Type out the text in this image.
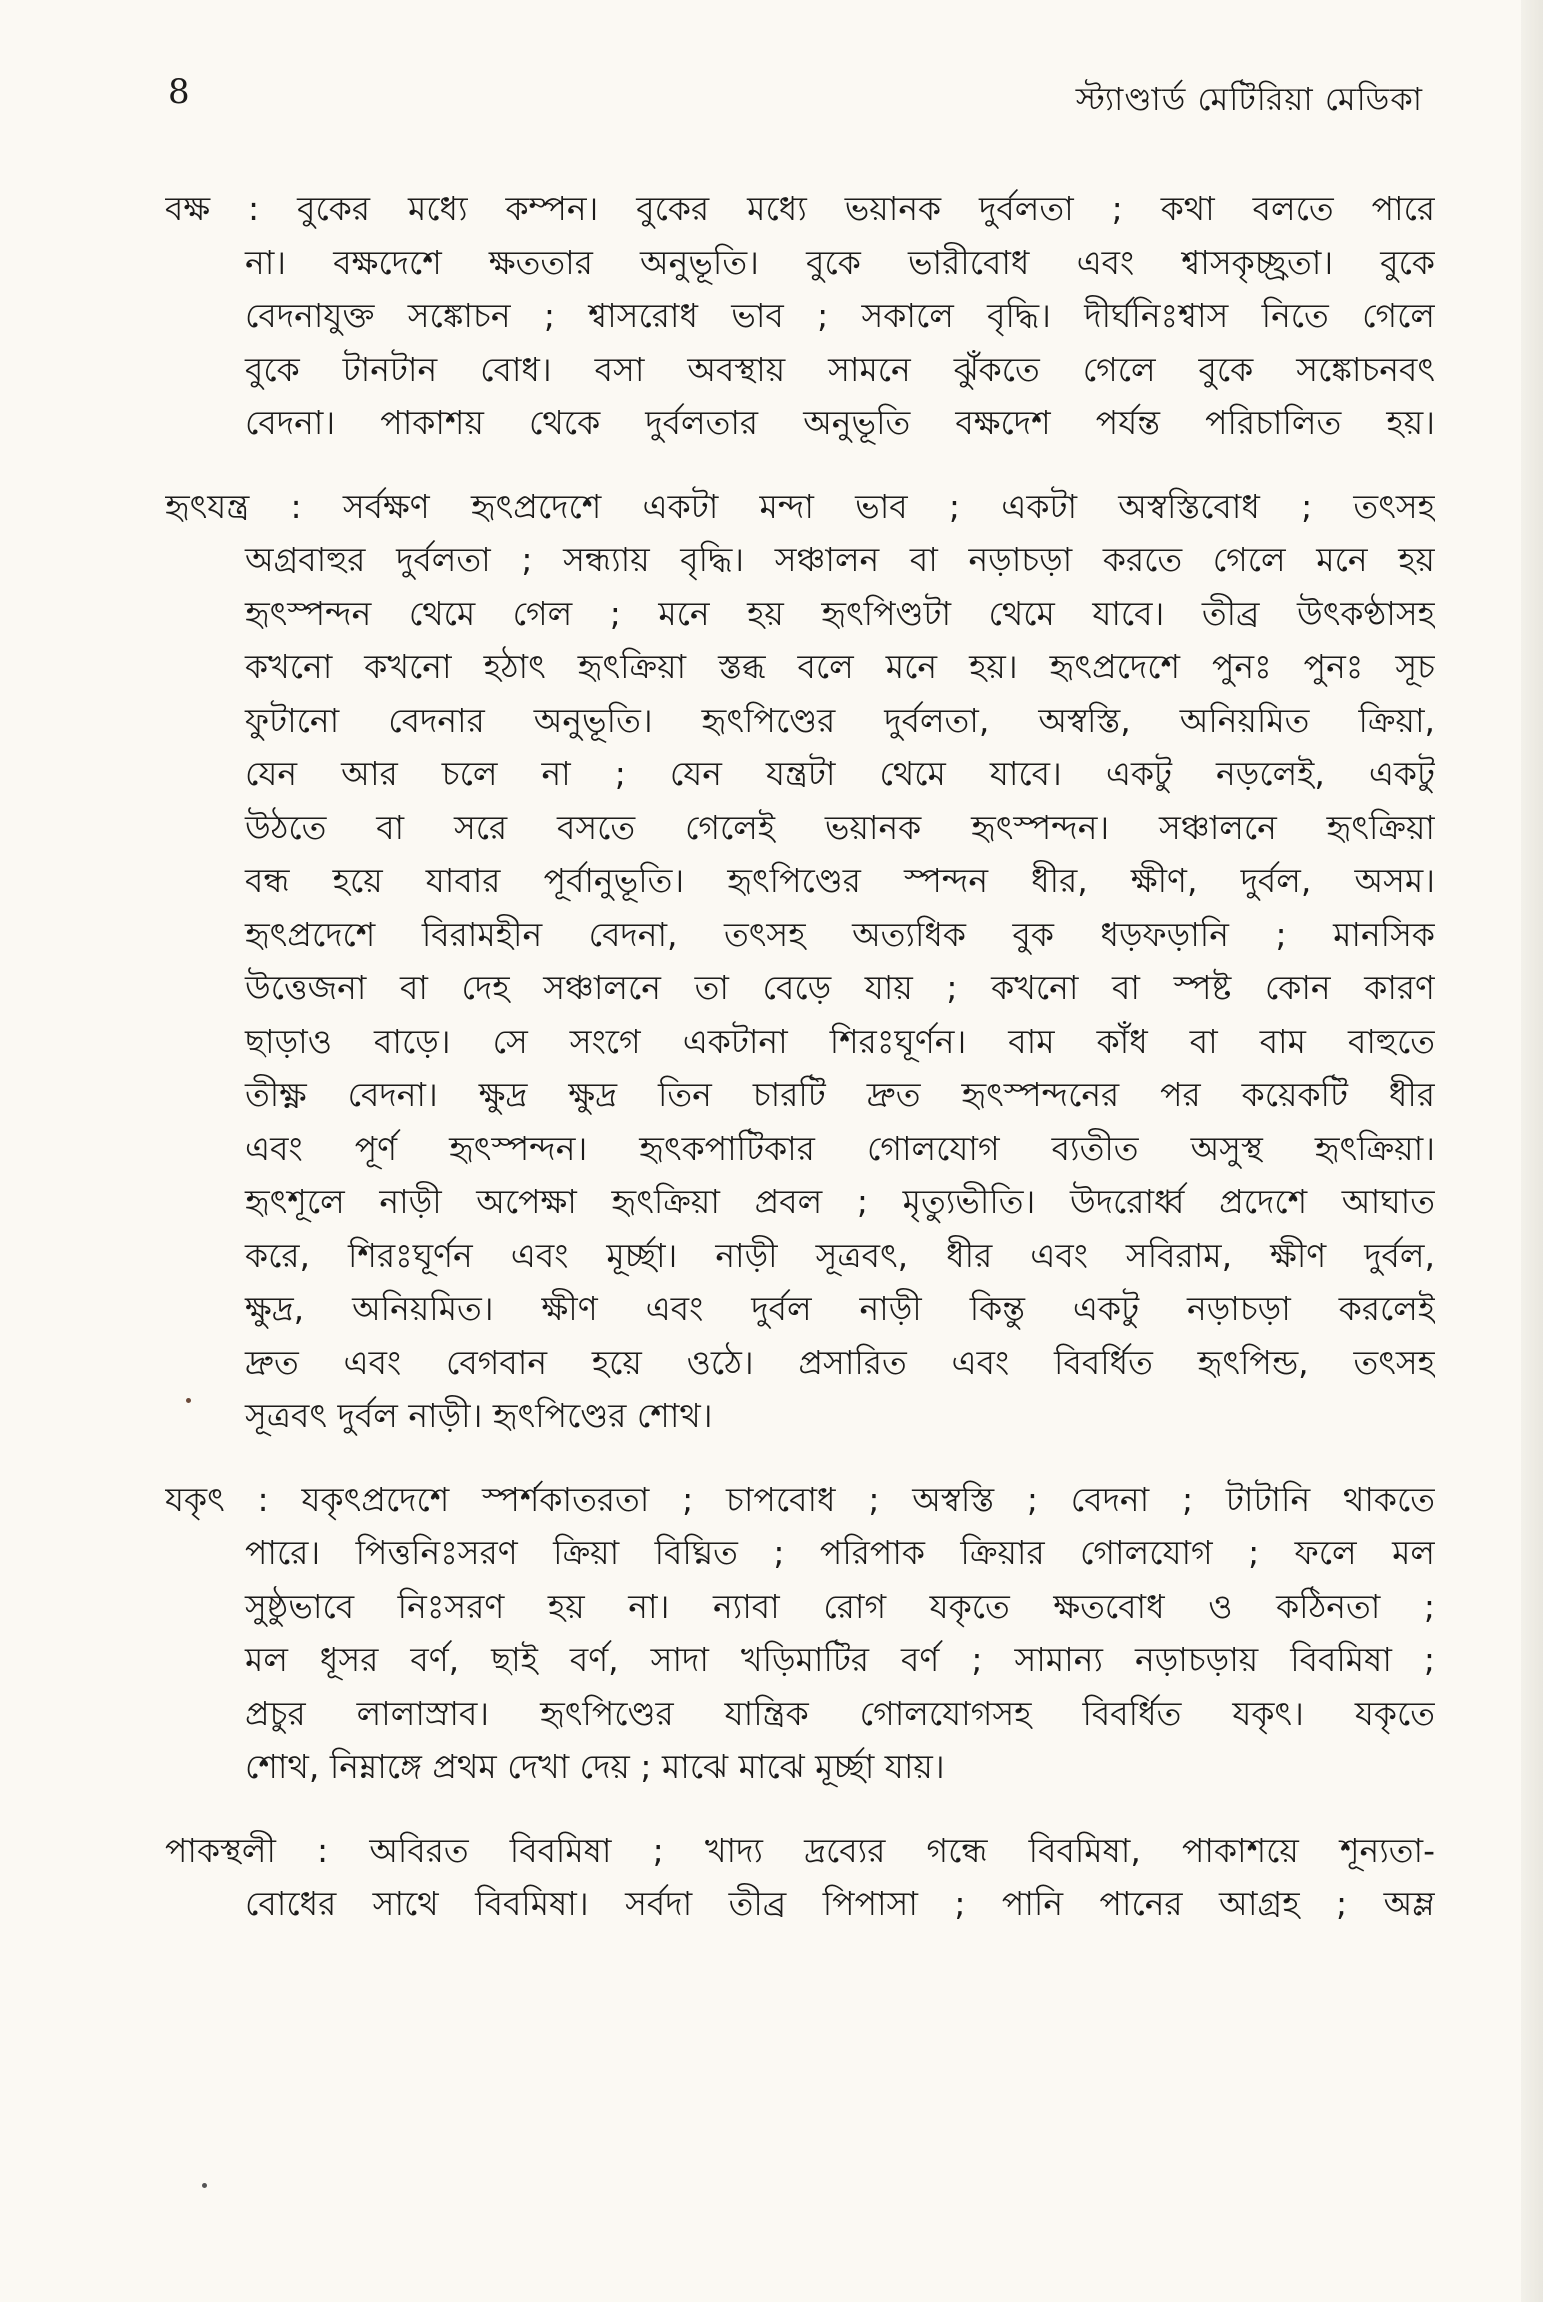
8	স্ট্যাণ্ডার্ড মেটিরিয়া মেডিকা
বক্ষ : বুকের মধ্যে কম্পন। বুকের মধ্যে ভয়ানক দুর্বলতা ; কথা বলতে পারে
না। বক্ষদেশে ক্ষততার অনুভূতি। বুকে ভারীবোধ এবং শ্বাসকৃচ্ছ্রতা। বুকে
বেদনাযুক্ত সঙ্কোচন ; শ্বাসরোধ ভাব ; সকালে বৃদ্ধি। দীর্ঘনিঃশ্বাস নিতে গেলে
বুকে টানটান বোধ। বসা অবস্থায় সামনে ঝুঁকতে গেলে বুকে সঙ্কোচনবৎ
বেদনা। পাকাশয় থেকে দুর্বলতার অনুভূতি বক্ষদেশ পর্যন্ত পরিচালিত হয়।
হৃৎযন্ত্র : সর্বক্ষণ হৃৎপ্রদেশে একটা মন্দা ভাব ; একটা অস্বস্তিবোধ ; তৎসহ
অগ্রবাহুর দুর্বলতা ; সন্ধ্যায় বৃদ্ধি। সঞ্চালন বা নড়াচড়া করতে গেলে মনে হয়
হৃৎস্পন্দন থেমে গেল ; মনে হয় হৃৎপিণ্ডটা থেমে যাবে। তীব্র উৎকণ্ঠাসহ
কখনো কখনো হঠাৎ হৃৎক্রিয়া স্তব্ধ বলে মনে হয়। হৃৎপ্রদেশে পুনঃ পুনঃ সূচ
ফুটানো বেদনার অনুভূতি। হৃৎপিণ্ডের দুর্বলতা, অস্বস্তি, অনিয়মিত ক্রিয়া,
যেন আর চলে না ; যেন যন্ত্রটা থেমে যাবে। একটু নড়লেই, একটু
উঠতে বা সরে বসতে গেলেই ভয়ানক হৃৎস্পন্দন। সঞ্চালনে হৃৎক্রিয়া
বন্ধ হয়ে যাবার পূর্বানুভূতি। হৃৎপিণ্ডের স্পন্দন ধীর, ক্ষীণ, দুর্বল, অসম।
হৃৎপ্রদেশে বিরামহীন বেদনা, তৎসহ অত্যধিক বুক ধড়ফড়ানি ; মানসিক
উত্তেজনা বা দেহ সঞ্চালনে তা বেড়ে যায় ; কখনো বা স্পষ্ট কোন কারণ
ছাড়াও বাড়ে। সে সংগে একটানা শিরঃঘূর্ণন। বাম কাঁধ বা বাম বাহুতে
তীক্ষ্ণ বেদনা। ক্ষুদ্র ক্ষুদ্র তিন চারটি দ্রুত হৃৎস্পন্দনের পর কয়েকটি ধীর
এবং পূর্ণ হৃৎস্পন্দন। হৃৎকপাটিকার গোলযোগ ব্যতীত অসুস্থ হৃৎক্রিয়া।
হৃৎশূলে নাড়ী অপেক্ষা হৃৎক্রিয়া প্রবল ; মৃত্যুভীতি। উদরোর্ধ্ব প্রদেশে আঘাত
করে, শিরঃঘূর্ণন এবং মূর্চ্ছা। নাড়ী সূত্রবৎ, ধীর এবং সবিরাম, ক্ষীণ দুর্বল,
ক্ষুদ্র, অনিয়মিত। ক্ষীণ এবং দুর্বল নাড়ী কিন্তু একটু নড়াচড়া করলেই
দ্রুত এবং বেগবান হয়ে ওঠে। প্রসারিত এবং বিবর্ধিত হৃৎপিন্ড, তৎসহ
সূত্রবৎ দুর্বল নাড়ী। হৃৎপিণ্ডের শোথ।
যকৃৎ : যকৃৎপ্রদেশে স্পর্শকাতরতা ; চাপবোধ ; অস্বস্তি ; বেদনা ; টাটানি থাকতে
পারে। পিত্তনিঃসরণ ক্রিয়া বিঘ্নিত ; পরিপাক ক্রিয়ার গোলযোগ ; ফলে মল
সুষ্ঠুভাবে নিঃসরণ হয় না। ন্যাবা রোগ যকৃতে ক্ষতবোধ ও কঠিনতা ;
মল ধূসর বর্ণ, ছাই বর্ণ, সাদা খড়িমাটির বর্ণ ; সামান্য নড়াচড়ায় বিবমিষা ;
প্রচুর লালাস্রাব। হৃৎপিণ্ডের যান্ত্রিক গোলযোগসহ বিবর্ধিত যকৃৎ। যকৃতে
শোথ, নিম্নাঙ্গে প্রথম দেখা দেয় ; মাঝে মাঝে মূর্চ্ছা যায়।
পাকস্থলী : অবিরত বিবমিষা ; খাদ্য দ্রব্যের গন্ধে বিবমিষা, পাকাশয়ে শূন্যতা-
বোধের সাথে বিবমিষা। সর্বদা তীব্র পিপাসা ; পানি পানের আগ্রহ ; অম্ল
